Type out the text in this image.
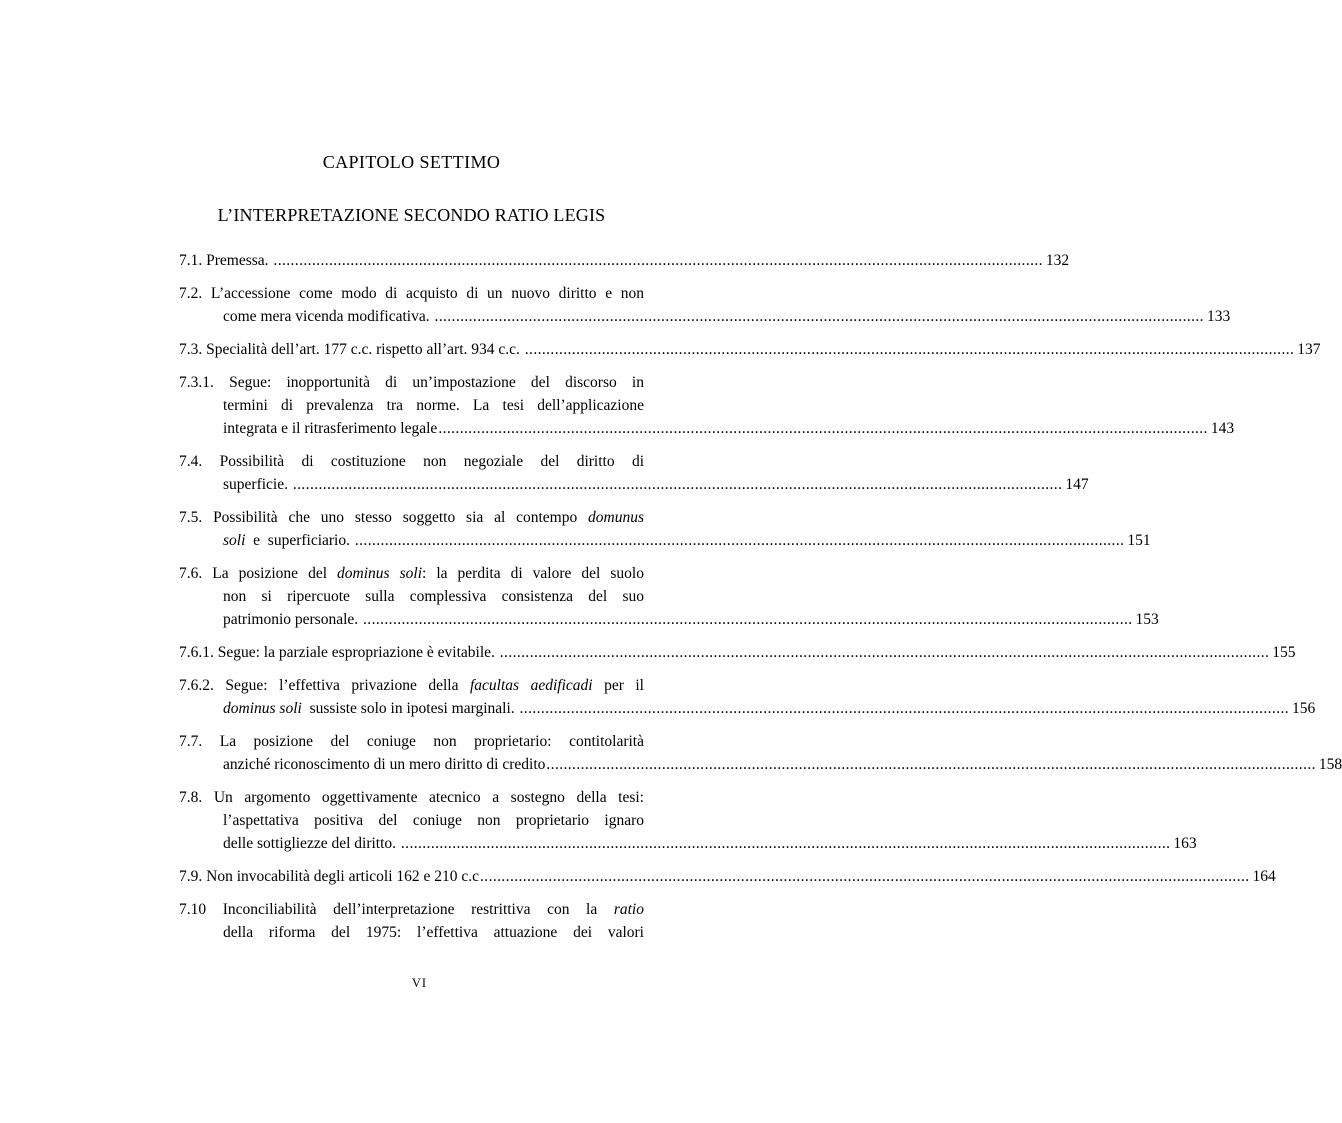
CAPITOLO SETTIMO
L’INTERPRETAZIONE SECONDO RATIO LEGIS
7.1. Premessa. .................................................................................................................................................................................... 132
7.2. L’accessione come modo di acquisto di un nuovo diritto e non
come mera vicenda modificativa. .................................................................................................................................................................................... 133
7.3. Specialità dell’art. 177 c.c. rispetto all’art. 934 c.c. .................................................................................................................................................................................... 137
7.3.1. Segue: inopportunità di un’impostazione del discorso in
termini di prevalenza tra norme. La tesi dell’applicazione
integrata e il ritrasferimento legale .................................................................................................................................................................................... 143
7.4. Possibilità di costituzione non negoziale del diritto di
superficie. .................................................................................................................................................................................... 147
7.5. Possibilità che uno stesso soggetto sia al contempo domunus
soli  e  superficiario. .................................................................................................................................................................................... 151
7.6. La posizione del dominus soli: la perdita di valore del suolo
non si ripercuote sulla complessiva consistenza del suo
patrimonio personale. .................................................................................................................................................................................... 153
7.6.1. Segue: la parziale espropriazione è evitabile. .................................................................................................................................................................................... 155
7.6.2. Segue: l’effettiva privazione della facultas aedificadi per il
dominus soli  sussiste solo in ipotesi marginali. .................................................................................................................................................................................... 156
7.7. La posizione del coniuge non proprietario: contitolarità
anziché riconoscimento di un mero diritto di credito .................................................................................................................................................................................... 158
7.8. Un argomento oggettivamente atecnico a sostegno della tesi:
l’aspettativa positiva del coniuge non proprietario ignaro
delle sottigliezze del diritto. .................................................................................................................................................................................... 163
7.9. Non invocabilità degli articoli 162 e 210 c.c .................................................................................................................................................................................... 164
7.10 Inconciliabilità dell’interpretazione restrittiva con la ratio
della riforma del 1975: l’effettiva attuazione dei valori
VI
